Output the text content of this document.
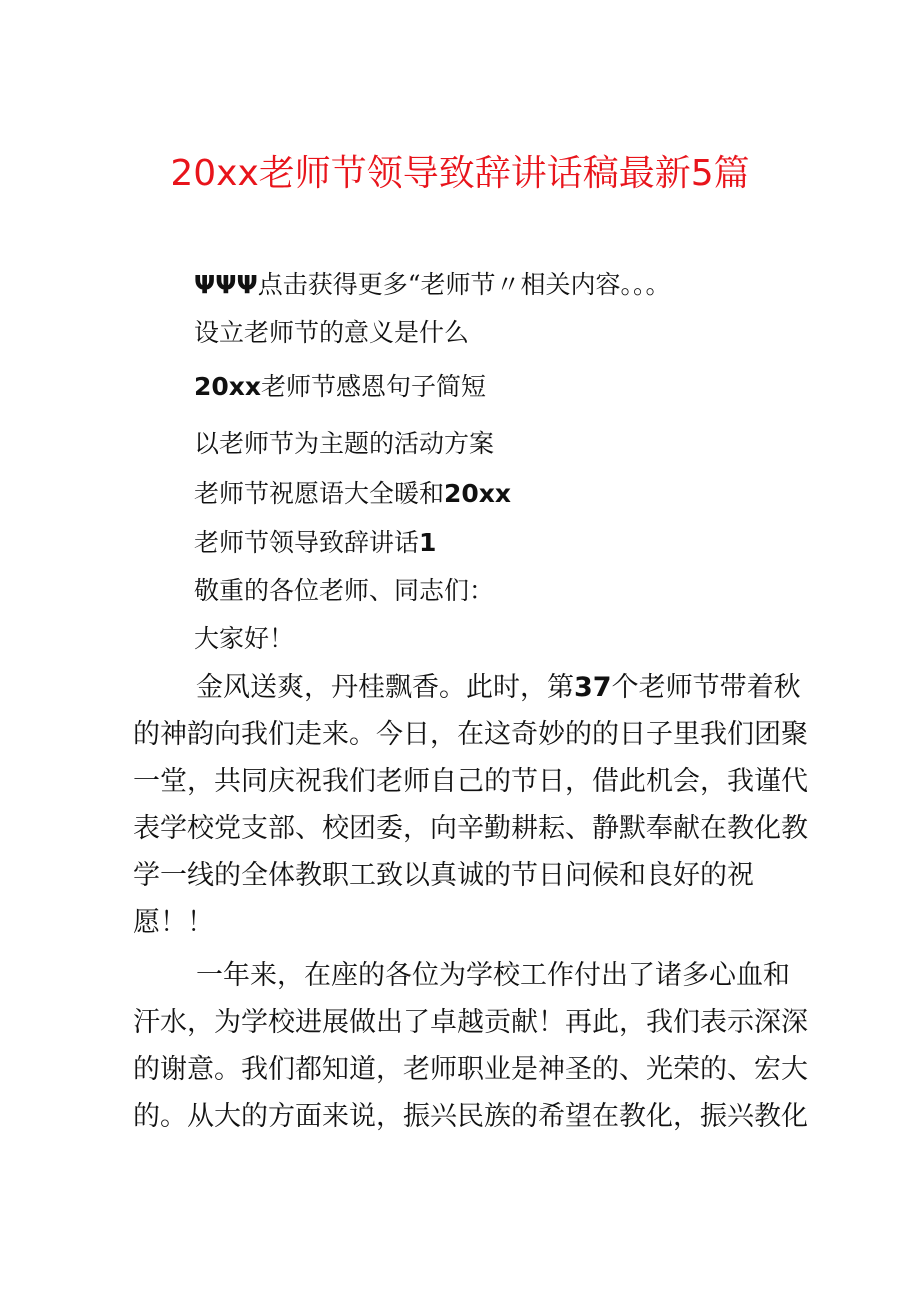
20xx老师节领导致辞讲话稿最新5篇

ΨΨΨ点击获得更多“老师节〃相关内容。。。

设立老师节的意义是什么

20xx老师节感恩句子简短

以老师节为主题的活动方案

老师节祝愿语大全暖和20xx

老师节领导致辞讲话1

敬重的各位老师、同志们：

大家好！

金风送爽，丹桂飘香。此时，第37个老师节带着秋
的神韵向我们走来。今日，在这奇妙的的日子里我们团聚
一堂，共同庆祝我们老师自己的节日，借此机会，我谨代
表学校党支部、校团委，向辛勤耕耘、静默奉献在教化教
学一线的全体教职工致以真诚的节日问候和良好的祝
愿！！
一年来，在座的各位为学校工作付出了诸多心血和
汗水，为学校进展做出了卓越贡献！再此，我们表示深深
的谢意。我们都知道，老师职业是神圣的、光荣的、宏大
的。从大的方面来说，振兴民族的希望在教化，振兴教化
